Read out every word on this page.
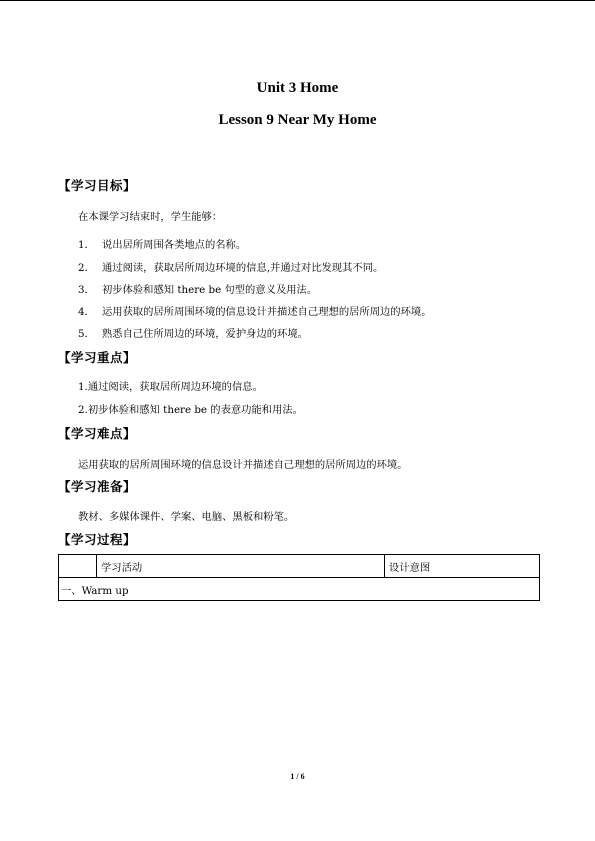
Unit 3 Home
Lesson 9 Near My Home
【学习目标】
在本课学习结束时，学生能够：
1． 说出居所周围各类地点的名称。
2． 通过阅读，获取居所周边环境的信息,并通过对比发现其不同。
3． 初步体验和感知 there be 句型的意义及用法。
4． 运用获取的居所周围环境的信息设计并描述自己理想的居所周边的环境。
5． 熟悉自己住所周边的环境，爱护身边的环境。
【学习重点】
1.通过阅读，获取居所周边环境的信息。
2.初步体验和感知 there be 的表意功能和用法。
【学习难点】
运用获取的居所周围环境的信息设计并描述自己理想的居所周边的环境。
【学习准备】
教材、多媒体课件、学案、电脑、黑板和粉笔。
【学习过程】
	学习活动	设计意图
一、Warm up
1 / 6
